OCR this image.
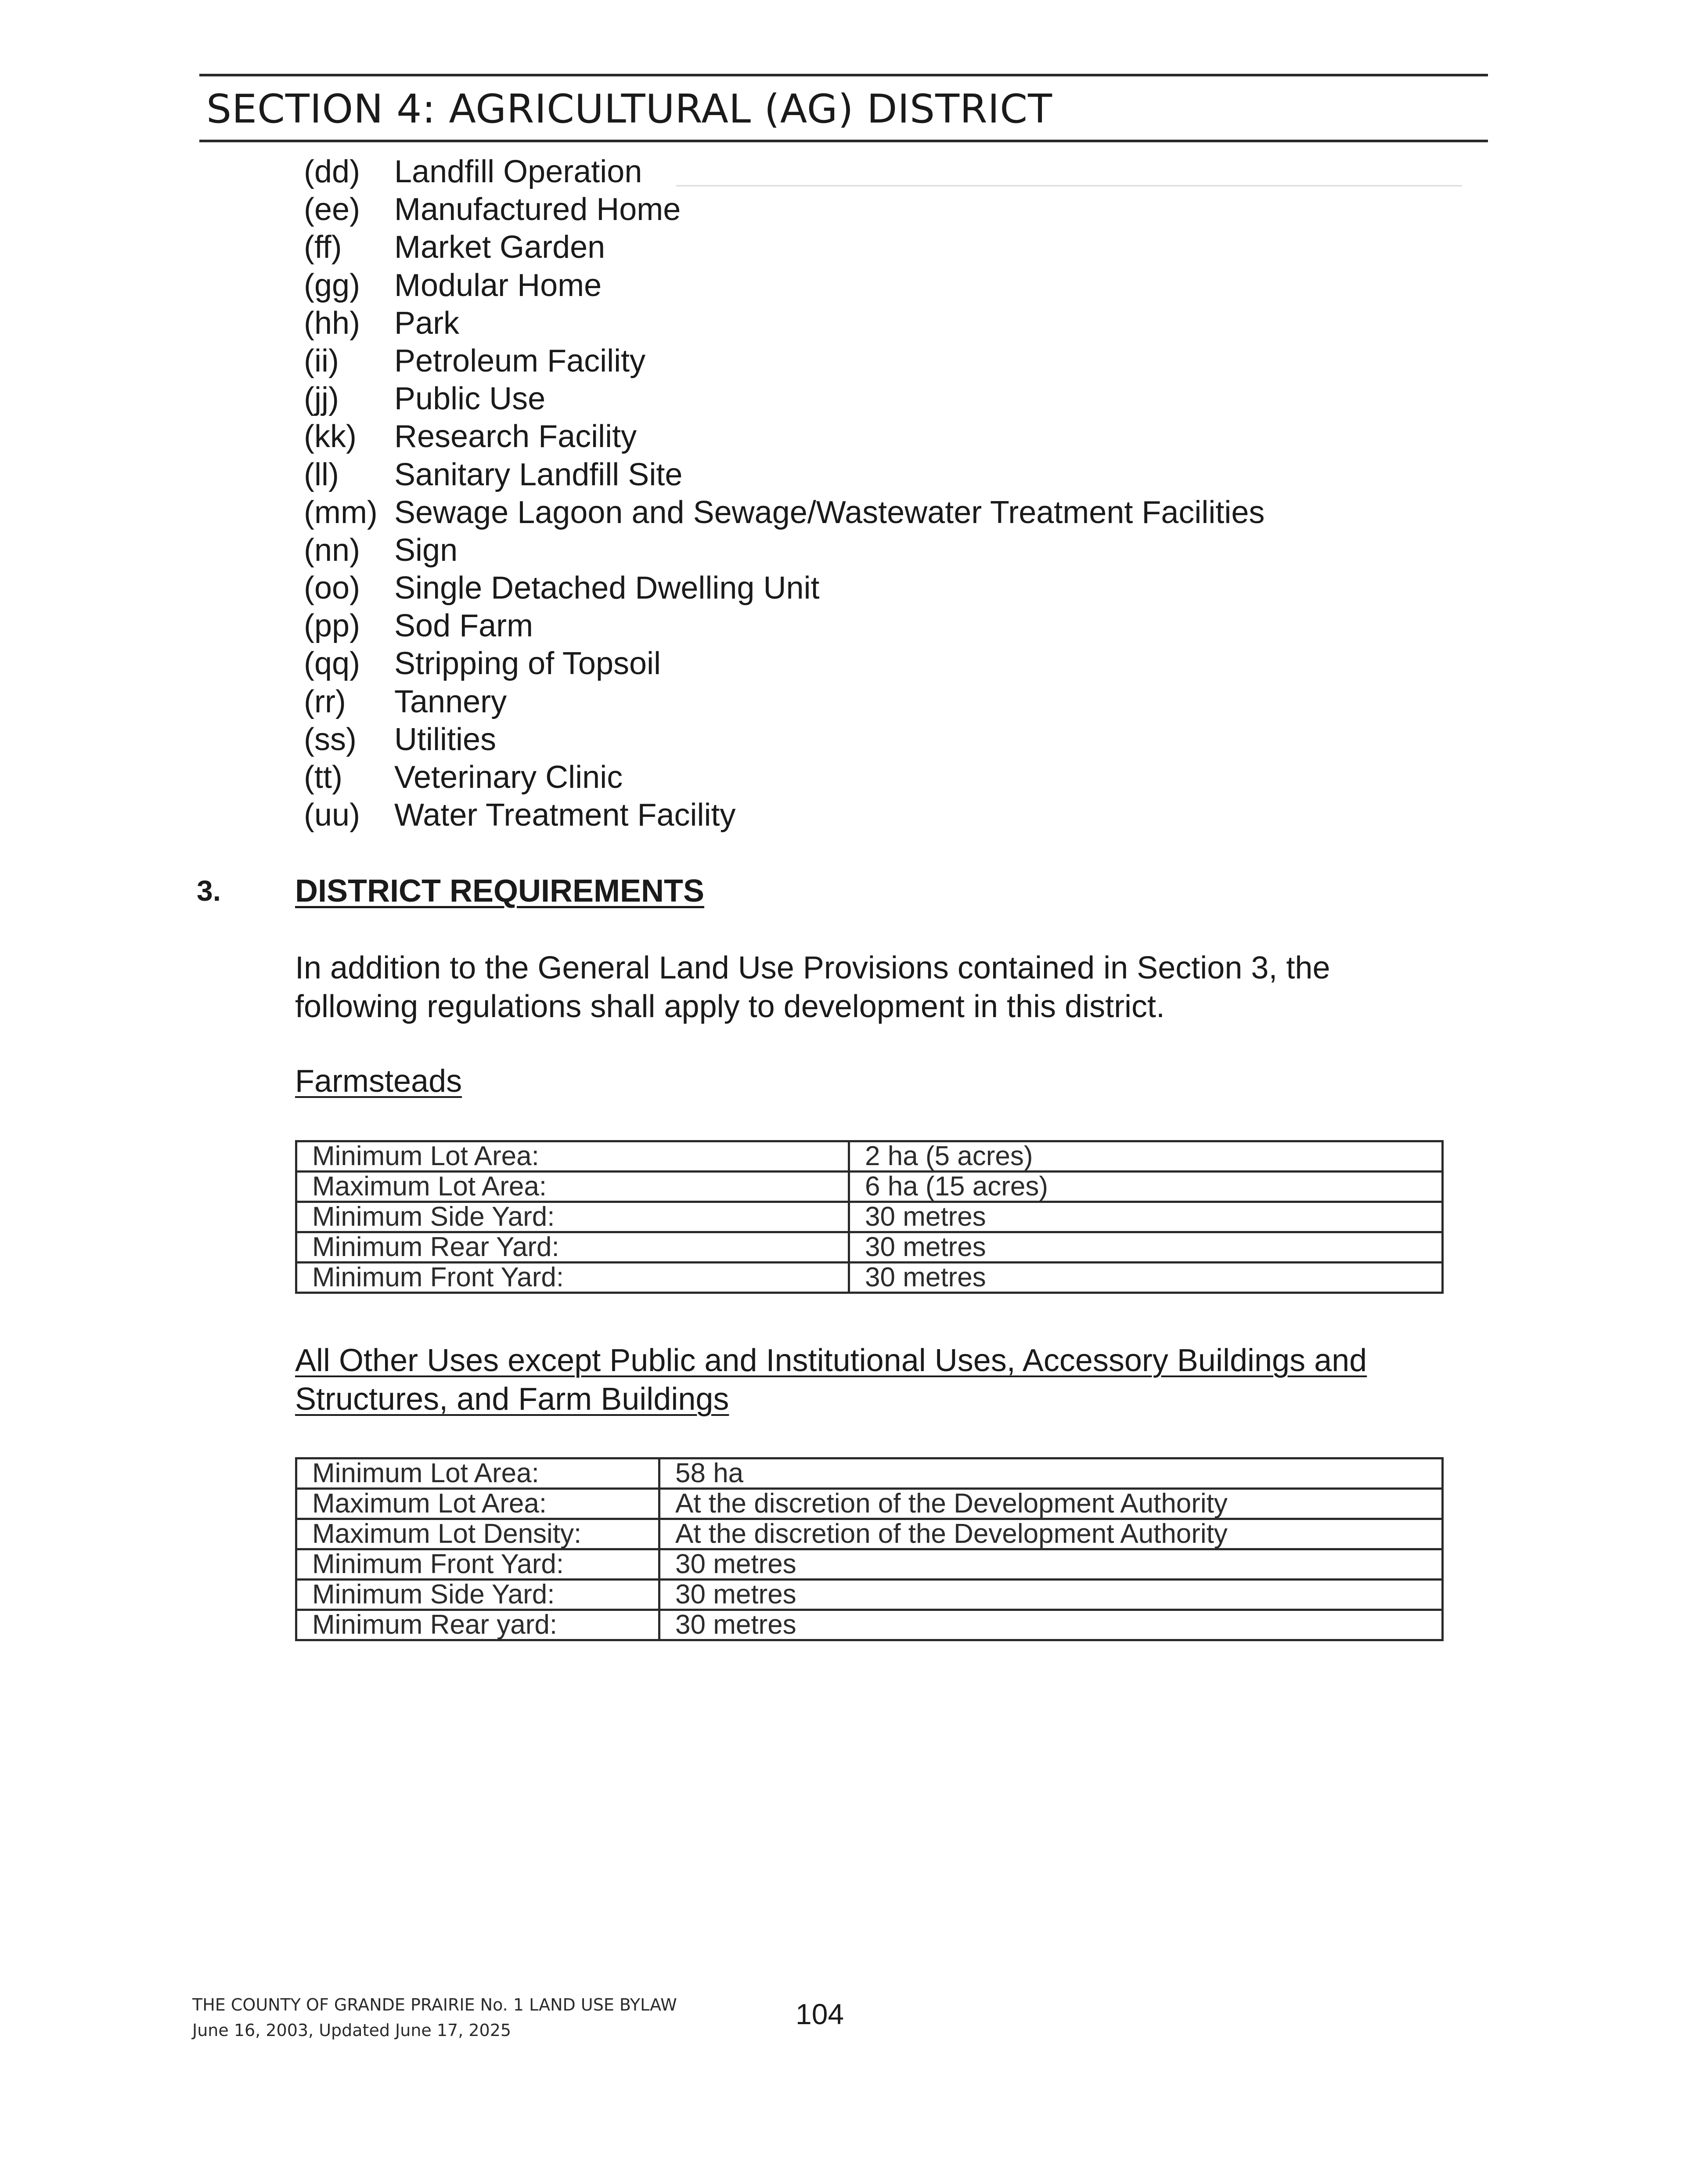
SECTION 4: AGRICULTURAL (AG) DISTRICT
(dd) Landfill Operation
(ee) Manufactured Home
(ff) Market Garden
(gg) Modular Home
(hh) Park
(ii) Petroleum Facility
(jj) Public Use
(kk) Research Facility
(ll) Sanitary Landfill Site
(mm) Sewage Lagoon and Sewage/Wastewater Treatment Facilities
(nn) Sign
(oo) Single Detached Dwelling Unit
(pp) Sod Farm
(qq) Stripping of Topsoil
(rr) Tannery
(ss) Utilities
(tt) Veterinary Clinic
(uu) Water Treatment Facility
3. DISTRICT REQUIREMENTS
In addition to the General Land Use Provisions contained in Section 3, the following regulations shall apply to development in this district.
Farmsteads
Minimum Lot Area:	2 ha (5 acres)
Maximum Lot Area:	6 ha (15 acres)
Minimum Side Yard:	30 metres
Minimum Rear Yard:	30 metres
Minimum Front Yard:	30 metres
All Other Uses except Public and Institutional Uses, Accessory Buildings and Structures, and Farm Buildings
Minimum Lot Area:	58 ha
Maximum Lot Area:	At the discretion of the Development Authority
Maximum Lot Density:	At the discretion of the Development Authority
Minimum Front Yard:	30 metres
Minimum Side Yard:	30 metres
Minimum Rear yard:	30 metres
THE COUNTY OF GRANDE PRAIRIE No. 1 LAND USE BYLAW
June 16, 2003, Updated June 17, 2025	104
